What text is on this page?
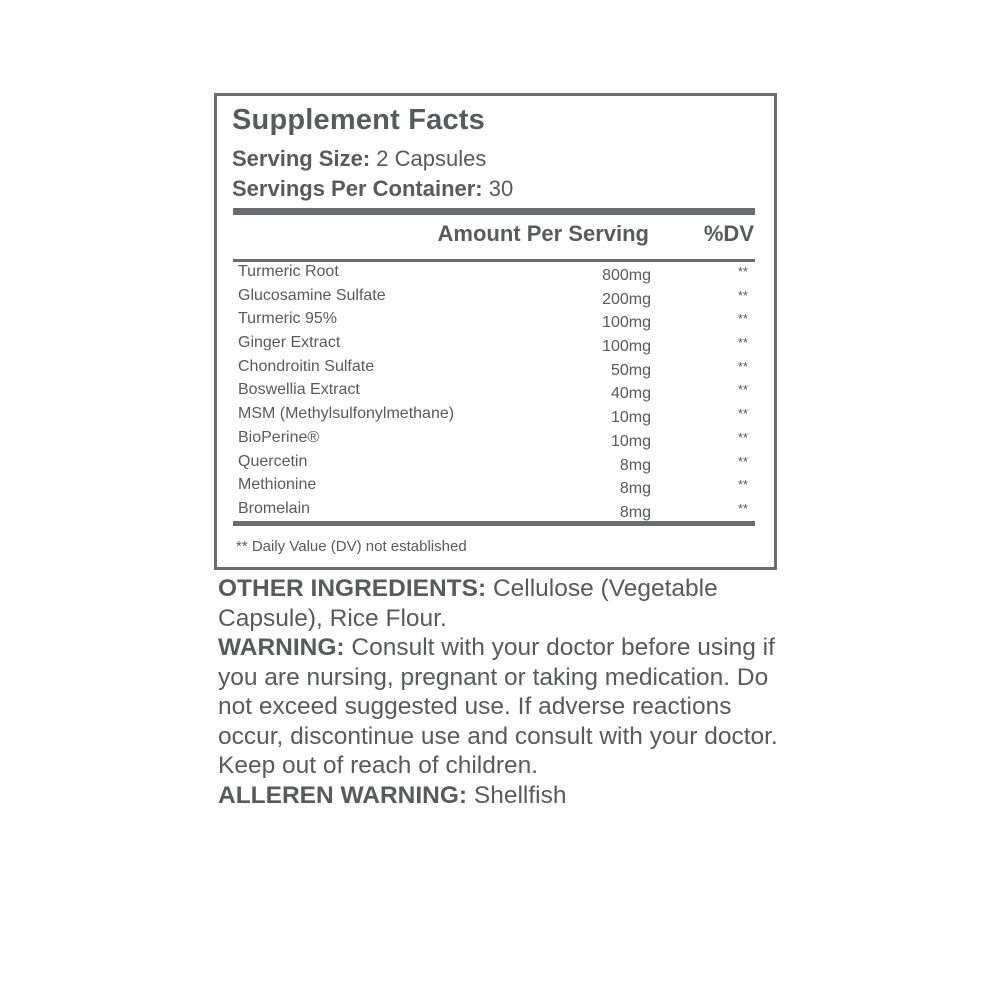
Supplement Facts
Serving Size: 2 Capsules
Servings Per Container: 30
Amount Per Serving %DV
Turmeric Root	800mg	**
Glucosamine Sulfate	200mg	**
Turmeric 95%	100mg	**
Ginger Extract	100mg	**
Chondroitin Sulfate	50mg	**
Boswellia Extract	40mg	**
MSM (Methylsulfonylmethane)	10mg	**
BioPerine®	10mg	**
Quercetin	8mg	**
Methionine	8mg	**
Bromelain	8mg	**
** Daily Value (DV) not established

OTHER INGREDIENTS: Cellulose (Vegetable Capsule), Rice Flour.

WARNING: Consult with your doctor before using if you are nursing, pregnant or taking medication. Do not exceed suggested use. If adverse reactions occur, discontinue use and consult with your doctor. Keep out of reach of children.

ALLEREN WARNING: Shellfish
